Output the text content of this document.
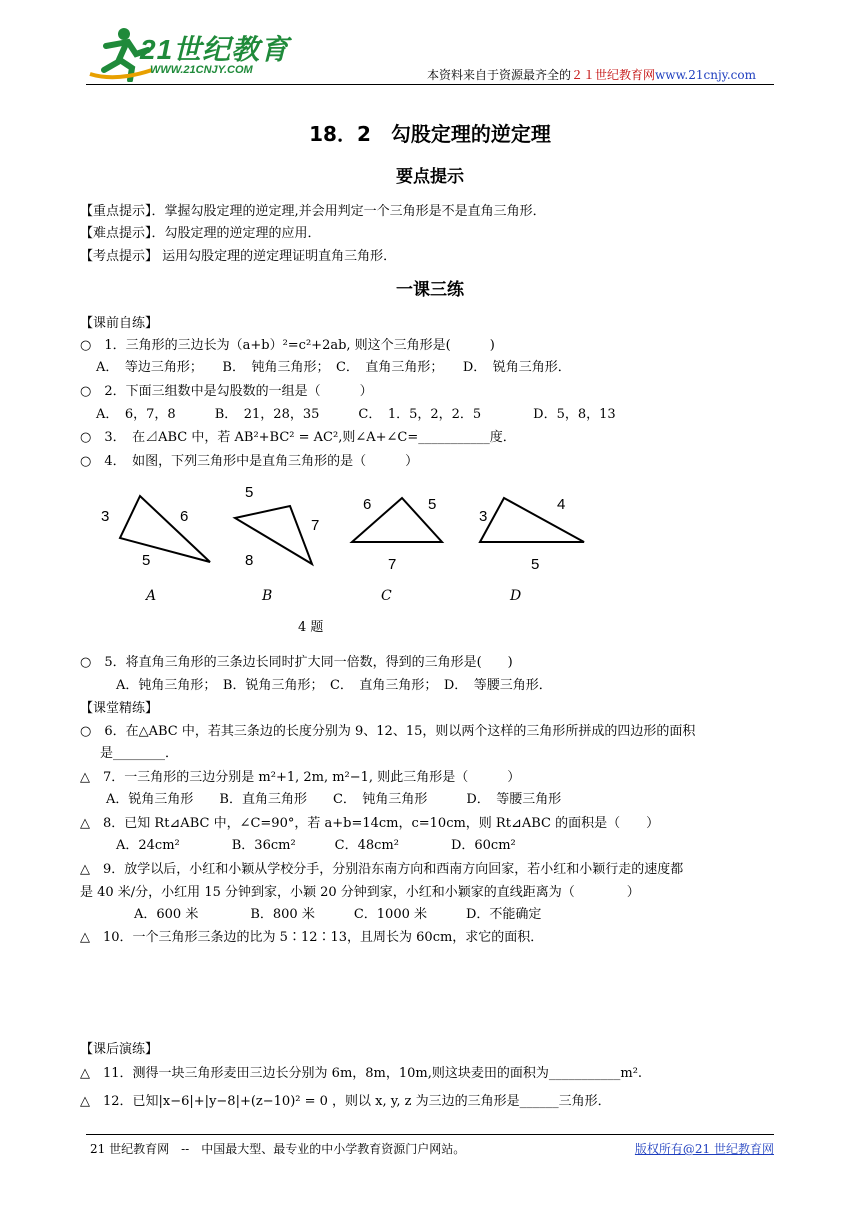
21世纪教育
WWW.21CNJY.COM	本资料来自于资源最齐全的２１世纪教育网www.21cnjy.com
18．2　勾股定理的逆定理
要点提示
【重点提示】．掌握勾股定理的逆定理,并会用判定一个三角形是不是直角三角形．
【难点提示】．勾股定理的逆定理的应用．
【考点提示】 运用勾股定理的逆定理证明直角三角形．
一课三练
【课前自练】
○　1．三角形的三边长为（a+b）²=c²+2ab, 则这个三角形是(　　　)
A．　等边三角形；　　B．　钝角三角形；　C．　直角三角形；　　D．　锐角三角形．
○　2．下面三组数中是勾股数的一组是（　　　）
A．　6，7，8　　　B．　21，28，35　　　C．　1．5，2，2．5　　　　D．5，8，13
○　3．　在⊿ABC 中，若 AB²+BC² = AC²,则∠A+∠C=___________度．
○　4．　如图，下列三角形中是直角三角形的是（　　　）
3	6
5
5
7
8
6	5
7
3
4
5
A	B	C	D
4 题
○　5．将直角三角形的三条边长同时扩大同一倍数，得到的三角形是(　　)
A．钝角三角形；　B．锐角三角形；　C．　直角三角形；　D．　等腰三角形．
【课堂精练】
○　6．在△ABC 中，若其三条边的长度分别为 9、12、15，则以两个这样的三角形所拼成的四边形的面积
是________．
△　7．一三角形的三边分别是 m²+1, 2m, m²−1, 则此三角形是（　　　）
A．锐角三角形　　B．直角三角形　　C．　钝角三角形　　　D．　等腰三角形
△　8．已知 Rt⊿ABC 中，∠C=90°，若 a+b=14cm，c=10cm，则 Rt⊿ABC 的面积是（　　）
A．24cm²　　　　B．36cm²　　　C．48cm²　　　　D．60cm²
△　9．放学以后，小红和小颖从学校分手，分别沿东南方向和西南方向回家，若小红和小颖行走的速度都
是 40 米/分，小红用 15 分钟到家，小颖 20 分钟到家，小红和小颖家的直线距离为（　　　　）
A．600 米　　　　B．800 米　　　C．1000 米　　　D．不能确定
△　10．一个三角形三条边的比为 5∶12∶13，且周长为 60cm，求它的面积．
【课后演练】
△　11．测得一块三角形麦田三边长分别为 6m，8m，10m,则这块麦田的面积为___________m².
△　12．已知|x−6|+|y−8|+(z−10)² = 0 ，则以 x, y, z 为三边的三角形是______三角形．
21 世纪教育网　--　中国最大型、最专业的中小学教育资源门户网站。	版权所有@21 世纪教育网
